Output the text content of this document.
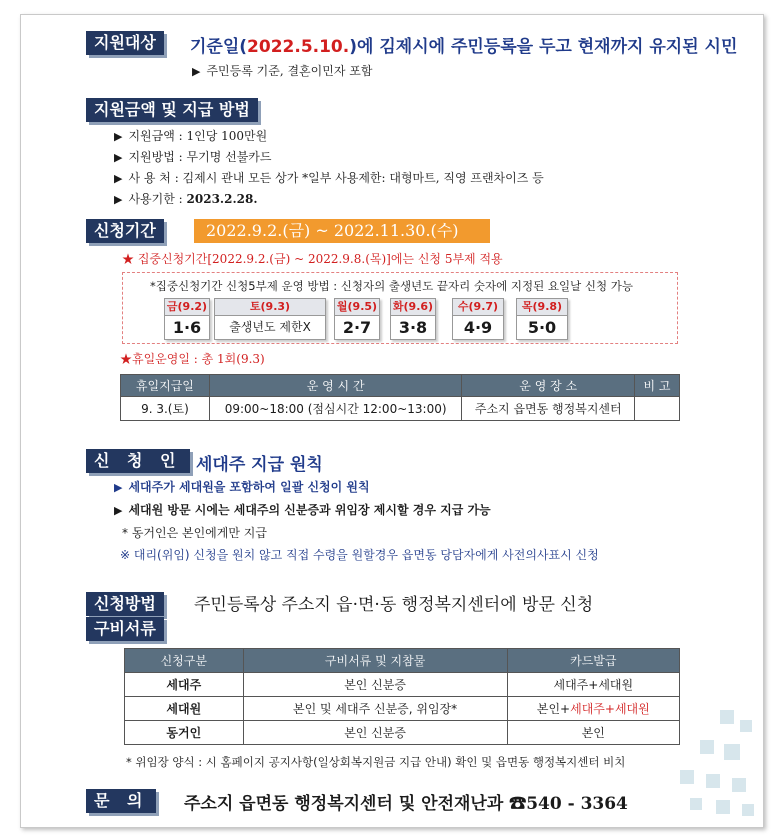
지원대상	기준일(2022.5.10.)에 김제시에 주민등록을 두고 현재까지 유지된 시민
▶ 주민등록 기준, 결혼이민자 포함
지원금액 및 지급 방법
▶ 지원금액 : 1인당 100만원
▶ 지원방법 : 무기명 선불카드
▶ 사 용 처 : 김제시 관내 모든 상가 *일부 사용제한: 대형마트, 직영 프랜차이즈 등
▶ 사용기한 : 2023.2.28.
신청기간	2022.9.2.(금) ~ 2022.11.30.(수)
★ 집중신청기간[2022.9.2.(금) ~ 2022.9.8.(목)]에는 신청 5부제 적용
*집중신청기간 신청5부제 운영 방법 : 신청자의 출생년도 끝자리 숫자에 지정된 요일날 신청 가능
금(9.2)
1·6
토(9.3)
출생년도 제한X
월(9.5)
2·7
화(9.6)
3·8
수(9.7)
4·9
목(9.8)
5·0
★휴일운영일 : 총 1회(9.3)
휴일지급일	운 영 시 간	운 영 장 소	비 고
9. 3.(토)	09:00~18:00 (점심시간 12:00~13:00)	주소지 읍면동 행정복지센터	
신 청 인 세대주 지급 원칙
▶ 세대주가 세대원을 포함하여 일괄 신청이 원칙
▶ 세대원 방문 시에는 세대주의 신분증과 위임장 제시할 경우 지급 가능
* 동거인은 본인에게만 지급
※ 대리(위임) 신청을 원치 않고 직접 수령을 원할경우 읍면동 당담자에게 사전의사표시 신청
신청방법	주민등록상 주소지 읍·면·동 행정복지센터에 방문 신청
구비서류
신청구분	구비서류 및 지참물	카드발급
세대주	본인 신분증	세대주+세대원
세대원	본인 및 세대주 신분증, 위임장*	본인+세대주+세대원
동거인	본인 신분증	본인
* 위임장 양식 : 시 홈페이지 공지사항(일상회복지원금 지급 안내) 확인 및 읍면동 행정복지센터 비치
문 의	주소지 읍면동 행정복지센터 및 안전재난과 ☎540 - 3364
